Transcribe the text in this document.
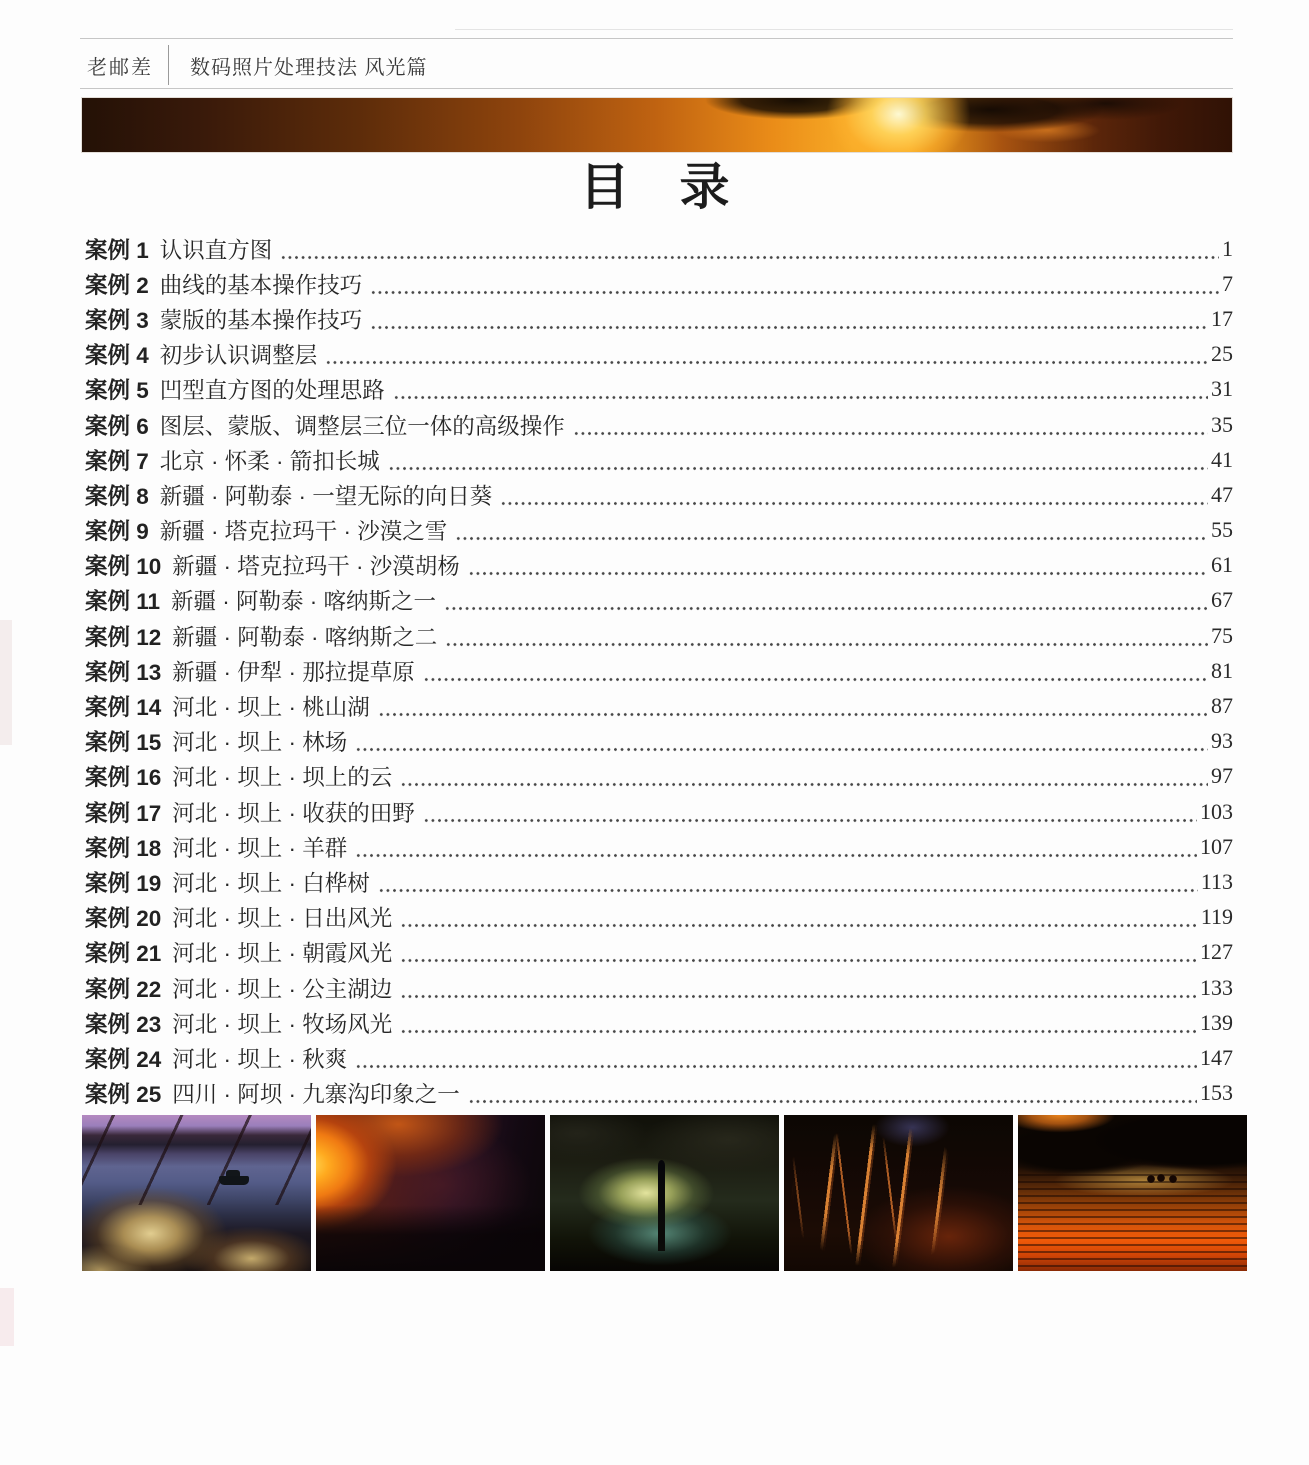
老邮差 数码照片处理技法 风光篇
目　录
案例 1 认识直方图	1
案例 2 曲线的基本操作技巧	7
案例 3 蒙版的基本操作技巧	17
案例 4 初步认识调整层	25
案例 5 凹型直方图的处理思路	31
案例 6 图层、蒙版、调整层三位一体的高级操作	35
案例 7 北京 · 怀柔 · 箭扣长城	41
案例 8 新疆 · 阿勒泰 · 一望无际的向日葵	47
案例 9 新疆 · 塔克拉玛干 · 沙漠之雪	55
案例 10 新疆 · 塔克拉玛干 · 沙漠胡杨	61
案例 11 新疆 · 阿勒泰 · 喀纳斯之一	67
案例 12 新疆 · 阿勒泰 · 喀纳斯之二	75
案例 13 新疆 · 伊犁 · 那拉提草原	81
案例 14 河北 · 坝上 · 桃山湖	87
案例 15 河北 · 坝上 · 林场	93
案例 16 河北 · 坝上 · 坝上的云	97
案例 17 河北 · 坝上 · 收获的田野	103
案例 18 河北 · 坝上 · 羊群	107
案例 19 河北 · 坝上 · 白桦树	113
案例 20 河北 · 坝上 · 日出风光	119
案例 21 河北 · 坝上 · 朝霞风光	127
案例 22 河北 · 坝上 · 公主湖边	133
案例 23 河北 · 坝上 · 牧场风光	139
案例 24 河北 · 坝上 · 秋爽	147
案例 25 四川 · 阿坝 · 九寨沟印象之一	153
